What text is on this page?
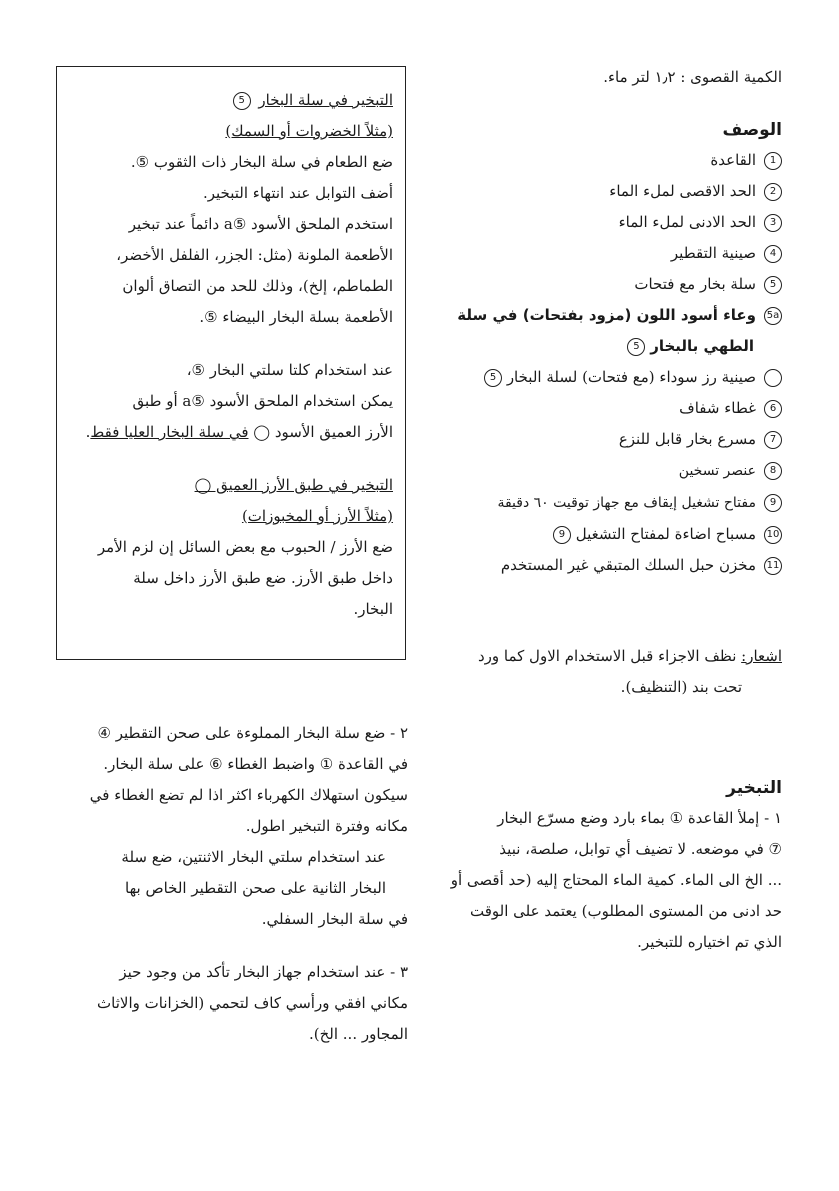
الكمية القصوى : ١٫٢ لتر ماء.
الوصف
1القاعدة
2الحد الاقصى لملء الماء
3الحد الادنى لملء الماء
4صينية التقطير
5سلة بخار مع فتحات
5aوعاء أسود اللون (مزود بفتحات) في سلة
الطهي بالبخار 5
صينية رز سوداء (مع فتحات) لسلة البخار 5
6غطاء شفاف
7مسرع بخار قابل للنزع
8عنصر تسخين
9مفتاح تشغيل إيقاف مع جهاز توقيت ٦٠ دقيقة
10مسباح اضاءة لمفتاح التشغيل 9
11مخزن حبل السلك المتبقي غير المستخدم
اشعار: نظف الاجزاء قبل الاستخدام الاول كما ورد
تحت بند (التنظيف).
التبخير
١ - إملأ القاعدة ① بماء بارد وضع مسرّع البخار
⑦ في موضعه. لا تضيف أي توابل، صلصة، نبيذ
... الخ الى الماء. كمية الماء المحتاج إليه (حد أقصى أو
حد ادنى من المستوى المطلوب) يعتمد على الوقت
الذي تم اختياره للتبخير.
التبخير في سلة البخار 5
(مثلاً الخضروات أو السمك)
ضع الطعام في سلة البخار ذات الثقوب ⑤.
أضف التوابل عند انتهاء التبخير.
استخدم الملحق الأسود ⑤a دائماً عند تبخير
الأطعمة الملونة (مثل: الجزر، الفلفل الأخضر،
الطماطم، إلخ)، وذلك للحد من التصاق ألوان
الأطعمة بسلة البخار البيضاء ⑤.
عند استخدام كلتا سلتي البخار ⑤،
يمكن استخدام الملحق الأسود ⑤a أو طبق
الأرز العميق الأسود ◯ في سلة البخار العليا فقط.
التبخير في طبق الأرز العميق ◯
(مثلاً الأرز أو المخبوزات)
ضع الأرز / الحبوب مع بعض السائل إن لزم الأمر
داخل طبق الأرز. ضع طبق الأرز داخل سلة
البخار.
٢ - ضع سلة البخار المملوءة على صحن التقطير ④
في القاعدة ① واضبط الغطاء ⑥ على سلة البخار.
سيكون استهلاك الكهرباء اكثر اذا لم تضع الغطاء في
مكانه وفترة التبخير اطول.
عند استخدام سلتي البخار الاثنتين، ضع سلة
البخار الثانية على صحن التقطير الخاص بها
في سلة البخار السفلي.
٣ - عند استخدام جهاز البخار تأكد من وجود حيز
مكاني افقي ورأسي كاف لتحمي (الخزانات والاثاث
المجاور ... الخ).
